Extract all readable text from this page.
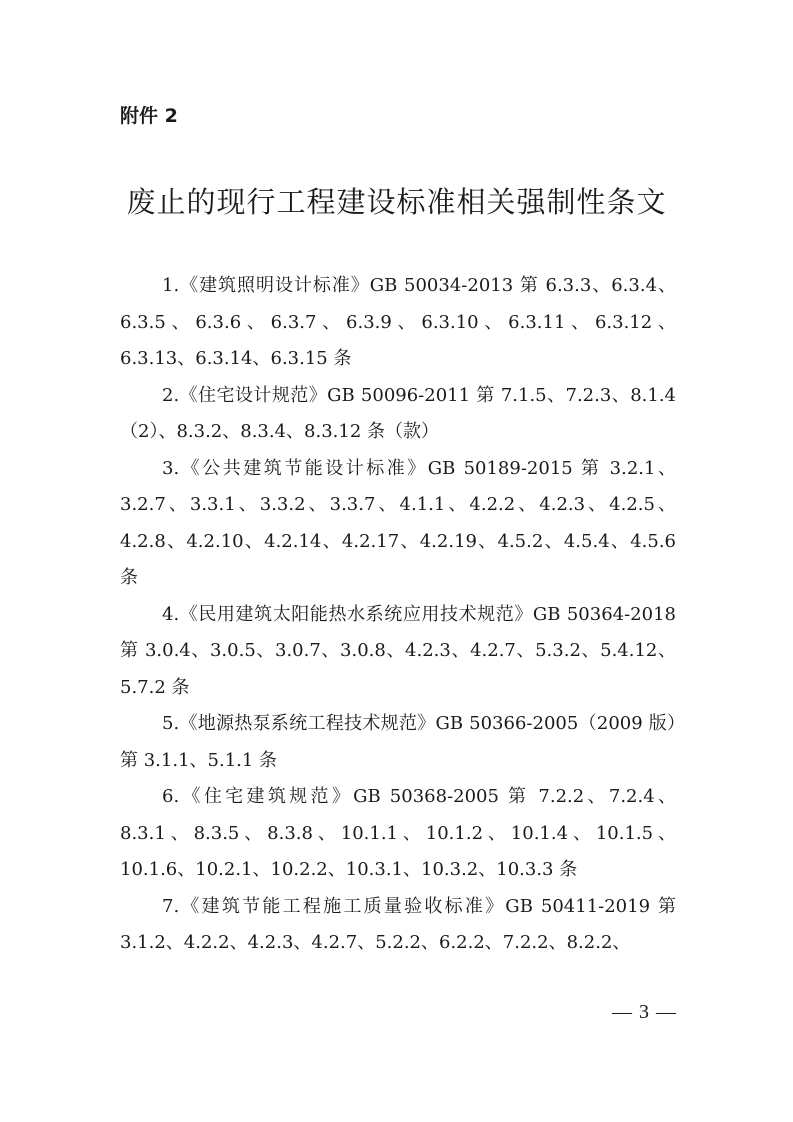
附件 2

废止的现行工程建设标准相关强制性条文

1.《建筑照明设计标准》GB 50034-2013 第 6.3.3、6.3.4、6.3.5、6.3.6、6.3.7、6.3.9、6.3.10、6.3.11、6.3.12、6.3.13、6.3.14、6.3.15 条

2.《住宅设计规范》GB 50096-2011 第 7.1.5、7.2.3、8.1.4（2）、8.3.2、8.3.4、8.3.12 条（款）

3.《公共建筑节能设计标准》GB 50189-2015 第 3.2.1、3.2.7、3.3.1、3.3.2、3.3.7、4.1.1、4.2.2、4.2.3、4.2.5、4.2.8、4.2.10、4.2.14、4.2.17、4.2.19、4.5.2、4.5.4、4.5.6 条

4.《民用建筑太阳能热水系统应用技术规范》GB 50364-2018 第 3.0.4、3.0.5、3.0.7、3.0.8、4.2.3、4.2.7、5.3.2、5.4.12、5.7.2 条

5.《地源热泵系统工程技术规范》GB 50366-2005（2009 版）第 3.1.1、5.1.1 条

6.《住宅建筑规范》GB 50368-2005 第 7.2.2、7.2.4、8.3.1、8.3.5、8.3.8、10.1.1、10.1.2、10.1.4、10.1.5、10.1.6、10.2.1、10.2.2、10.3.1、10.3.2、10.3.3 条

7.《建筑节能工程施工质量验收标准》GB 50411-2019 第 3.1.2、4.2.2、4.2.3、4.2.7、5.2.2、6.2.2、7.2.2、8.2.2、

— 3 —
